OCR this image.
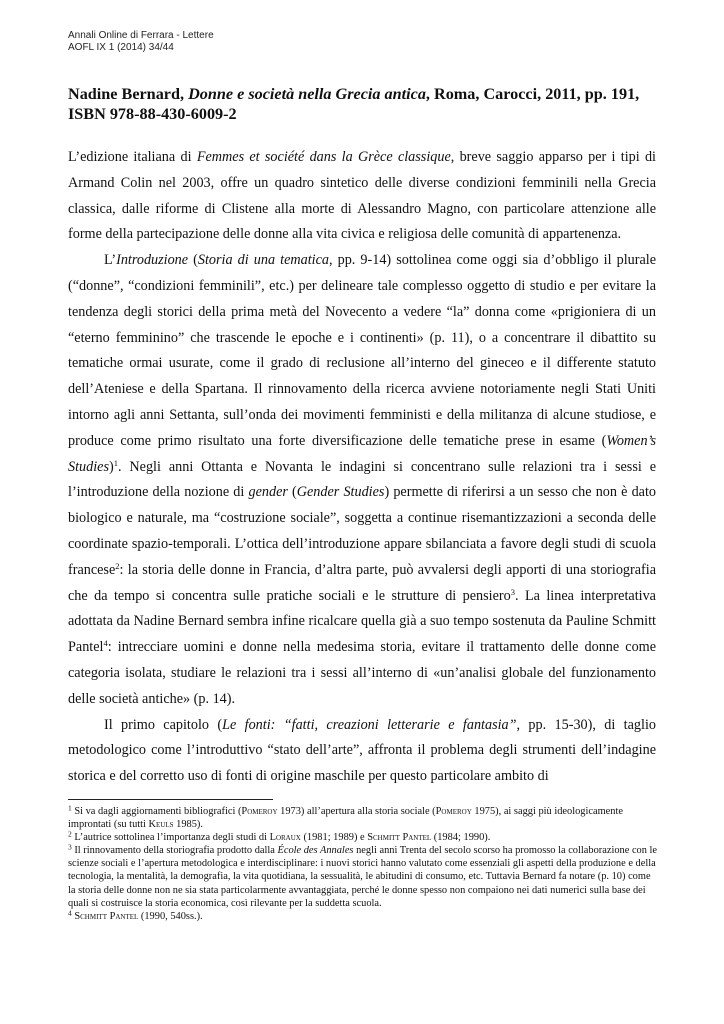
Annali Online di Ferrara - Lettere
AOFL IX 1 (2014) 34/44
Nadine Bernard, Donne e società nella Grecia antica, Roma, Carocci, 2011, pp. 191, ISBN 978-88-430-6009-2

L’edizione italiana di Femmes et société dans la Grèce classique, breve saggio apparso per i tipi di Armand Colin nel 2003, offre un quadro sintetico delle diverse condizioni femminili nella Grecia classica, dalle riforme di Clistene alla morte di Alessandro Magno, con particolare attenzione alle forme della partecipazione delle donne alla vita civica e religiosa delle comunità di appartenenza.

L’Introduzione (Storia di una tematica, pp. 9-14) sottolinea come oggi sia d’obbligo il plurale (“donne”, “condizioni femminili”, etc.) per delineare tale complesso oggetto di studio e per evitare la tendenza degli storici della prima metà del Novecento a vedere “la” donna come «prigioniera di un “eterno femminino” che trascende le epoche e i continenti» (p. 11), o a concentrare il dibattito su tematiche ormai usurate, come il grado di reclusione all’interno del gineceo e il differente statuto dell’Ateniese e della Spartana. Il rinnovamento della ricerca avviene notoriamente negli Stati Uniti intorno agli anni Settanta, sull’onda dei movimenti femministi e della militanza di alcune studiose, e produce come primo risultato una forte diversificazione delle tematiche prese in esame (Women’s Studies)$^1$. Negli anni Ottanta e Novanta le indagini si concentrano sulle relazioni tra i sessi e l’introduzione della nozione di gender (Gender Studies) permette di riferirsi a un sesso che non è dato biologico e naturale, ma “costruzione sociale”, soggetta a continue risemantizzazioni a seconda delle coordinate spazio-temporali. L’ottica dell’introduzione appare sbilanciata a favore degli studi di scuola francese$^2$: la storia delle donne in Francia, d’altra parte, può avvalersi degli apporti di una storiografia che da tempo si concentra sulle pratiche sociali e le strutture di pensiero$^3$. La linea interpretativa adottata da Nadine Bernard sembra infine ricalcare quella già a suo tempo sostenuta da Pauline Schmitt Pantel$^4$: intrecciare uomini e donne nella medesima storia, evitare il trattamento delle donne come categoria isolata, studiare le relazioni tra i sessi all’interno di «un’analisi globale del funzionamento delle società antiche» (p. 14).

Il primo capitolo (Le fonti: “fatti, creazioni letterarie e fantasia”, pp. 15-30), di taglio metodologico come l’introduttivo “stato dell’arte”, affronta il problema degli strumenti dell’indagine storica e del corretto uso di fonti di origine maschile per questo particolare ambito di

$^1$ Si va dagli aggiornamenti bibliografici (Pomeroy 1973) all’apertura alla storia sociale (Pomeroy 1975), ai saggi più ideologicamente improntati (su tutti Keuls 1985).

$^2$ L’autrice sottolinea l’importanza degli studi di Loraux (1981; 1989) e Schmitt Pantel (1984; 1990).

$^3$ Il rinnovamento della storiografia prodotto dalla École des Annales negli anni Trenta del secolo scorso ha promosso la collaborazione con le scienze sociali e l’apertura metodologica e interdisciplinare: i nuovi storici hanno valutato come essenziali gli aspetti della produzione e della tecnologia, la mentalità, la demografia, la vita quotidiana, la sessualità, le abitudini di consumo, etc. Tuttavia Bernard fa notare (p. 10) come la storia delle donne non ne sia stata particolarmente avvantaggiata, perché le donne spesso non compaiono nei dati numerici sulla base dei quali si costruisce la storia economica, così rilevante per la suddetta scuola.

$^4$ Schmitt Pantel (1990, 540ss.).
